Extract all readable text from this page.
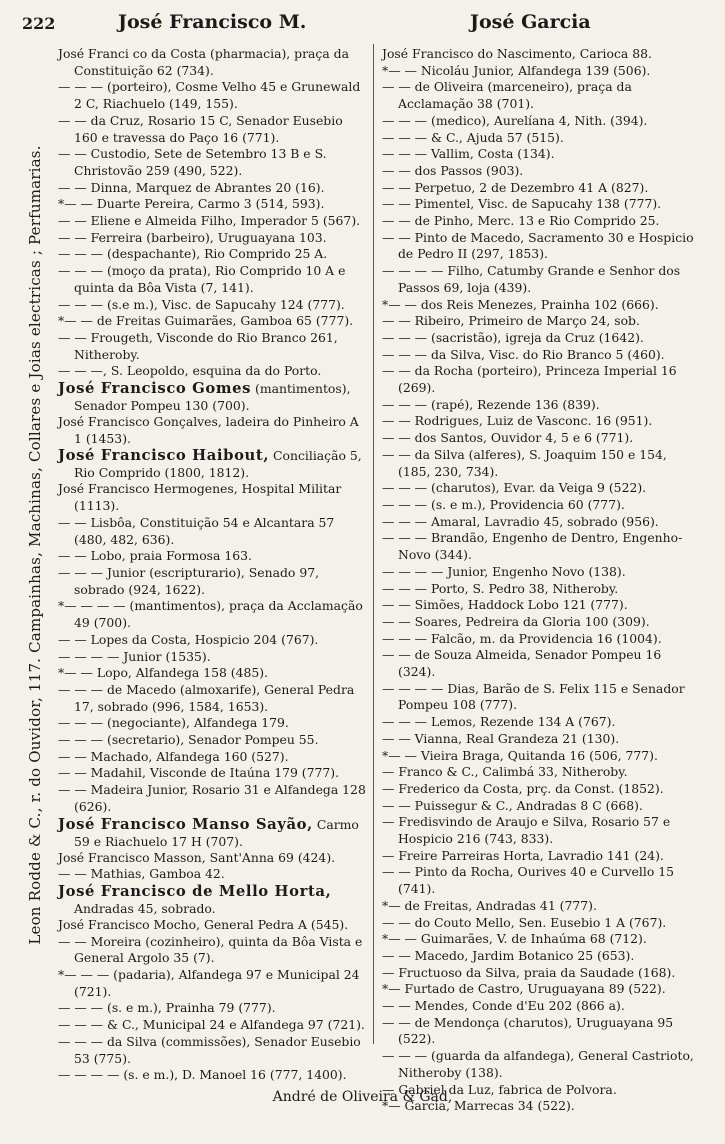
222	José Francisco M.	José Garcia
Leon Rodde & C., r. do Ouvidor, 117. Campainhas, Machinas, Collares e Joias electricas ; Perfumarias.
José Franci co da Costa (pharmacia), praça da Constituição 62 (734).
— — — (porteiro), Cosme Velho 45 e Grunewald 2 C, Riachuelo (149, 155).
— — da Cruz, Rosario 15 C, Senador Eusebio 160 e travessa do Paço 16 (771).
— — Custodio, Sete de Setembro 13 B e S. Christovão 259 (490, 522).
— — Dinna, Marquez de Abrantes 20 (16).
*— — Duarte Pereira, Carmo 3 (514, 593).
— — Eliene e Almeida Filho, Imperador 5 (567).
— — Ferreira (barbeiro), Uruguayana 103.
— — — (despachante), Rio Comprido 25 A.
— — — (moço da prata), Rio Comprido 10 A e quinta da Bôa Vista (7, 141).
— — — (s.e m.), Visc. de Sapucahy 124 (777).
*— — de Freitas Guimarães, Gamboa 65 (777).
— — Frougeth, Visconde do Rio Branco 261, Nitheroby.
— — —, S. Leopoldo, esquina da do Porto.
José Francisco Gomes (mantimentos), Senador Pompeu 130 (700).
José Francisco Gonçalves, ladeira do Pinheiro A 1 (1453).
José Francisco Haibout, Conciliação 5, Rio Comprido (1800, 1812).
José Francisco Hermogenes, Hospital Militar (1113).
— — Lisbôa, Constituição 54 e Alcantara 57 (480, 482, 636).
— — Lobo, praia Formosa 163.
— — — Junior (escripturario), Senado 97, sobrado (924, 1622).
*— — — — (mantimentos), praça da Acclamação 49 (700).
— — Lopes da Costa, Hospicio 204 (767).
— — — — Junior (1535).
*— — Lopo, Alfandega 158 (485).
— — — de Macedo (almoxarife), General Pedra 17, sobrado (996, 1584, 1653).
— — — (negociante), Alfandega 179.
— — — (secretario), Senador Pompeu 55.
— — Machado, Alfandega 160 (527).
— — Madahil, Visconde de Itaúna 179 (777).
— — Madeira Junior, Rosario 31 e Alfandega 128 (626).
José Francisco Manso Sayão, Carmo 59 e Riachuelo 17 H (707).
José Francisco Masson, Sant'Anna 69 (424).
— — Mathias, Gamboa 42.
José Francisco de Mello Horta, Andradas 45, sobrado.
José Francisco Mocho, General Pedra A (545).
— — Moreira (cozinheiro), quinta da Bôa Vista e General Argolo 35 (7).
*— — — (padaria), Alfandega 97 e Municipal 24 (721).
— — — (s. e m.), Prainha 79 (777).
— — — & C., Municipal 24 e Alfandega 97 (721).
— — — da Silva (commissões), Senador Eusebio 53 (775).
— — — — (s. e m.), D. Manoel 16 (777, 1400).
José Francisco do Nascimento, Carioca 88.
*— — Nicoláu Junior, Alfandega 139 (506).
— — de Oliveira (marceneiro), praça da Acclamação 38 (701).
— — — (medico), Aurelíana 4, Nith. (394).
— — — & C., Ajuda 57 (515).
— — — Vallim, Costa (134).
— — dos Passos (903).
— — Perpetuo, 2 de Dezembro 41 A (827).
— — Pimentel, Visc. de Sapucahy 138 (777).
— — de Pinho, Merc. 13 e Rio Comprido 25.
— — Pinto de Macedo, Sacramento 30 e Hospicio de Pedro II (297, 1853).
— — — — Filho, Catumby Grande e Senhor dos Passos 69, loja (439).
*— — dos Reis Menezes, Prainha 102 (666).
— — Ribeiro, Primeiro de Março 24, sob.
— — — (sacristão), igreja da Cruz (1642).
— — — da Silva, Visc. do Rio Branco 5 (460).
— — da Rocha (porteiro), Princeza Imperial 16 (269).
— — — (rapé), Rezende 136 (839).
— — Rodrigues, Luiz de Vasconc. 16 (951).
— — dos Santos, Ouvidor 4, 5 e 6 (771).
— — da Silva (alferes), S. Joaquim 150 e 154, (185, 230, 734).
— — — (charutos), Evar. da Veiga 9 (522).
— — — (s. e m.), Providencia 60 (777).
— — — Amaral, Lavradio 45, sobrado (956).
— — — Brandão, Engenho de Dentro, Engenho-Novo (344).
— — — — Junior, Engenho Novo (138).
— — — Porto, S. Pedro 38, Nitheroby.
— — Simões, Haddock Lobo 121 (777).
— — Soares, Pedreira da Gloria 100 (309).
— — — Falcão, m. da Providencia 16 (1004).
— — de Souza Almeida, Senador Pompeu 16 (324).
— — — — Dias, Barão de S. Felix 115 e Senador Pompeu 108 (777).
— — — Lemos, Rezende 134 A (767).
— — Vianna, Real Grandeza 21 (130).
*— — Vieira Braga, Quitanda 16 (506, 777).
— Franco & C., Calimbá 33, Nitheroby.
— Frederico da Costa, prç. da Const. (1852).
— — Puissegur & C., Andradas 8 C (668).
— Fredisvindo de Araujo e Silva, Rosario 57 e Hospicio 216 (743, 833).
— Freire Parreiras Horta, Lavradio 141 (24).
— — Pinto da Rocha, Ourives 40 e Curvello 15 (741).
*— de Freitas, Andradas 41 (777).
— — do Couto Mello, Sen. Eusebio 1 A (767).
*— — Guimarães, V. de Inhaúma 68 (712).
— — Macedo, Jardim Botanico 25 (653).
— Fructuoso da Silva, praia da Saudade (168).
*— Furtado de Castro, Uruguayana 89 (522).
— — Mendes, Conde d'Eu 202 (866 a).
— — de Mendonça (charutos), Uruguayana 95 (522).
— — — (guarda da alfandega), General Castrioto, Nitheroby (138).
— Gabriel da Luz, fabrica de Polvora.
*— Garcia, Marrecas 34 (522).
André de Oliveira & Gad,
